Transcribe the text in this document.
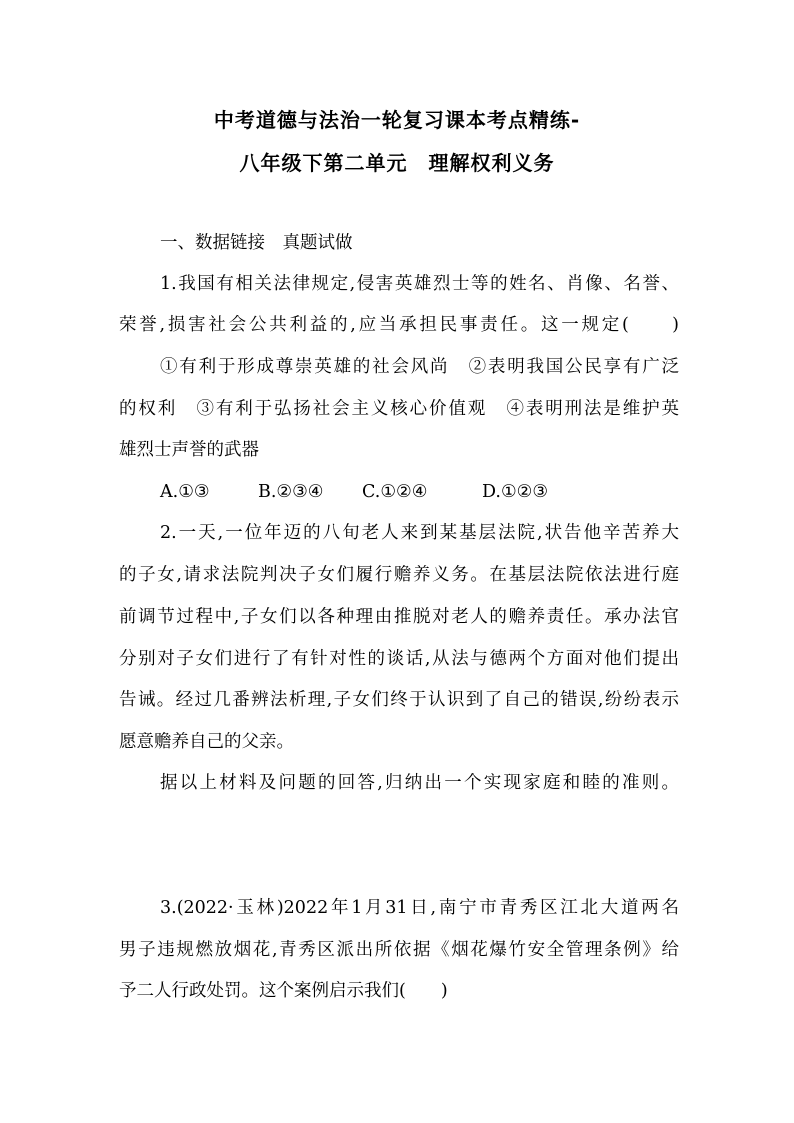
中考道德与法治一轮复习课本考点精练-
八年级下第二单元　理解权利义务
一、数据链接　真题试做
1.我国有相关法律规定,侵害英雄烈士等的姓名、肖像、名誉、
荣誉,损害社会公共利益的,应当承担民事责任。这一规定(　　)
①有利于形成尊崇英雄的社会风尚　②表明我国公民享有广泛
的权利　③有利于弘扬社会主义核心价值观　④表明刑法是维护英
雄烈士声誉的武器
A.①③	B.②③④ C.①②④	D.①②③
2.一天,一位年迈的八旬老人来到某基层法院,状告他辛苦养大
的子女,请求法院判决子女们履行赡养义务。在基层法院依法进行庭
前调节过程中,子女们以各种理由推脱对老人的赡养责任。承办法官
分别对子女们进行了有针对性的谈话,从法与德两个方面对他们提出
告诫。经过几番辨法析理,子女们终于认识到了自己的错误,纷纷表示
愿意赡养自己的父亲。
据以上材料及问题的回答,归纳出一个实现家庭和睦的准则。
3.(2022·玉林)2022年1月31日,南宁市青秀区江北大道两名
男子违规燃放烟花,青秀区派出所依据《烟花爆竹安全管理条例》给
予二人行政处罚。这个案例启示我们(　　)
